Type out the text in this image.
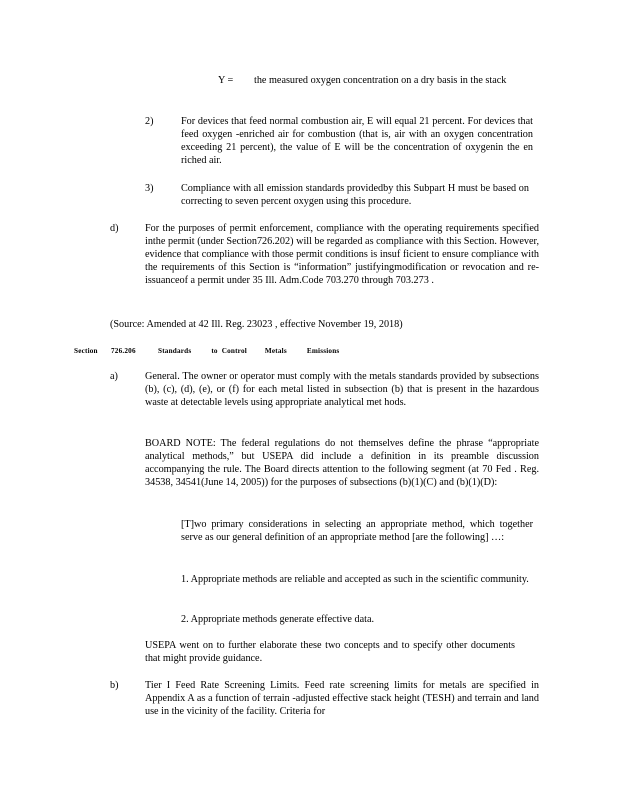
Y = the measured oxygen concentration on a dry basis in the stack
2)	For devices that feed normal combustion air, E will equal 21 percent. For devices that feed oxygen -enriched air for combustion (that is, air with an oxygen concentration exceeding 21 percent), the value of E will be the concentration of oxygenin the en riched air.
3)	Compliance with all emission standards providedby this Subpart H must be based on correcting to seven percent oxygen using this procedure.
d)	For the purposes of permit enforcement, compliance with the operating requirements specified inthe permit (under Section726.202) will be regarded as compliance with this Section. However, evidence that compliance with those permit conditions is insuf ficient to ensure compliance with the requirements of this Section is “information” justifyingmodification or revocation and re-issuanceof a permit under 35 Ill. Adm.Code 703.270 through 703.273 .
(Source: Amended at 42 Ill. Reg. 23023 , effective November 19, 2018)
Section 726.206	Standards          to  Control         Metals          Emissions
a)	General. The owner or operator must comply with the metals standards provided by subsections (b), (c), (d), (e), or (f) for each metal listed in subsection (b) that is present in the hazardous waste at detectable levels using appropriate analytical met hods.
BOARD NOTE: The federal regulations do not themselves define the phrase “appropriate analytical methods,” but USEPA did include a definition in its preamble discussion accompanying the rule. The Board directs attention to the following segment (at 70 Fed . Reg. 34538, 34541(June 14, 2005)) for the purposes of subsections (b)(1)(C) and (b)(1)(D):
[T]wo primary considerations in selecting an appropriate method, which together serve as our general definition of an appropriate method [are the following] …:
1. Appropriate methods are reliable and accepted as such in the scientific community.
2. Appropriate methods generate effective data.
USEPA went on to further elaborate these two concepts and to specify other documents that might provide guidance.
b)	Tier I Feed Rate Screening Limits. Feed rate screening limits for metals are specified in Appendix A as a function of terrain -adjusted effective stack height (TESH) and terrain and land use in the vicinity of the facility. Criteria for
